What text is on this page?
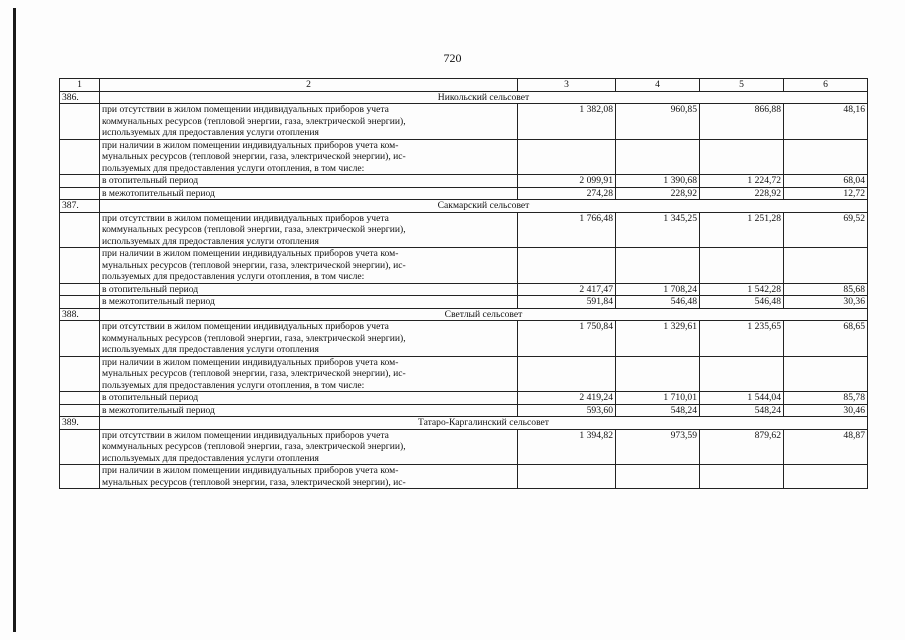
720
1	2	3	4	5	6
386.	Никольский сельсовет				

	при отсутствии в жилом помещении индивидуальных приборов учета
коммунальных ресурсов (тепловой энергии, газа, электрической энергии),
используемых для предоставления услуги отопления	1 382,08	960,85	866,88	48,16

	при наличии в жилом помещении индивидуальных приборов учета ком-
мунальных ресурсов (тепловой энергии, газа, электрической энергии), ис-
пользуемых для предоставления услуги отопления, в том числе:				

	в отопительный период	2 099,91	1 390,68	1 224,72	68,04

	в межотопительный период	274,28	228,92	228,92	12,72
387.	Сакмарский сельсовет				

	при отсутствии в жилом помещении индивидуальных приборов учета
коммунальных ресурсов (тепловой энергии, газа, электрической энергии),
используемых для предоставления услуги отопления	1 766,48	1 345,25	1 251,28	69,52

	при наличии в жилом помещении индивидуальных приборов учета ком-
мунальных ресурсов (тепловой энергии, газа, электрической энергии), ис-
пользуемых для предоставления услуги отопления, в том числе:				

	в отопительный период	2 417,47	1 708,24	1 542,28	85,68

	в межотопительный период	591,84	546,48	546,48	30,36
388.	Светлый сельсовет				

	при отсутствии в жилом помещении индивидуальных приборов учета
коммунальных ресурсов (тепловой энергии, газа, электрической энергии),
используемых для предоставления услуги отопления	1 750,84	1 329,61	1 235,65	68,65

	при наличии в жилом помещении индивидуальных приборов учета ком-
мунальных ресурсов (тепловой энергии, газа, электрической энергии), ис-
пользуемых для предоставления услуги отопления, в том числе:				

	в отопительный период	2 419,24	1 710,01	1 544,04	85,78

	в межотопительный период	593,60	548,24	548,24	30,46
389.	Татаро-Каргалинский сельсовет				

	при отсутствии в жилом помещении индивидуальных приборов учета
коммунальных ресурсов (тепловой энергии, газа, электрической энергии),
используемых для предоставления услуги отопления	1 394,82	973,59	879,62	48,87

	при наличии в жилом помещении индивидуальных приборов учета ком-
мунальных ресурсов (тепловой энергии, газа, электрической энергии), ис-				
